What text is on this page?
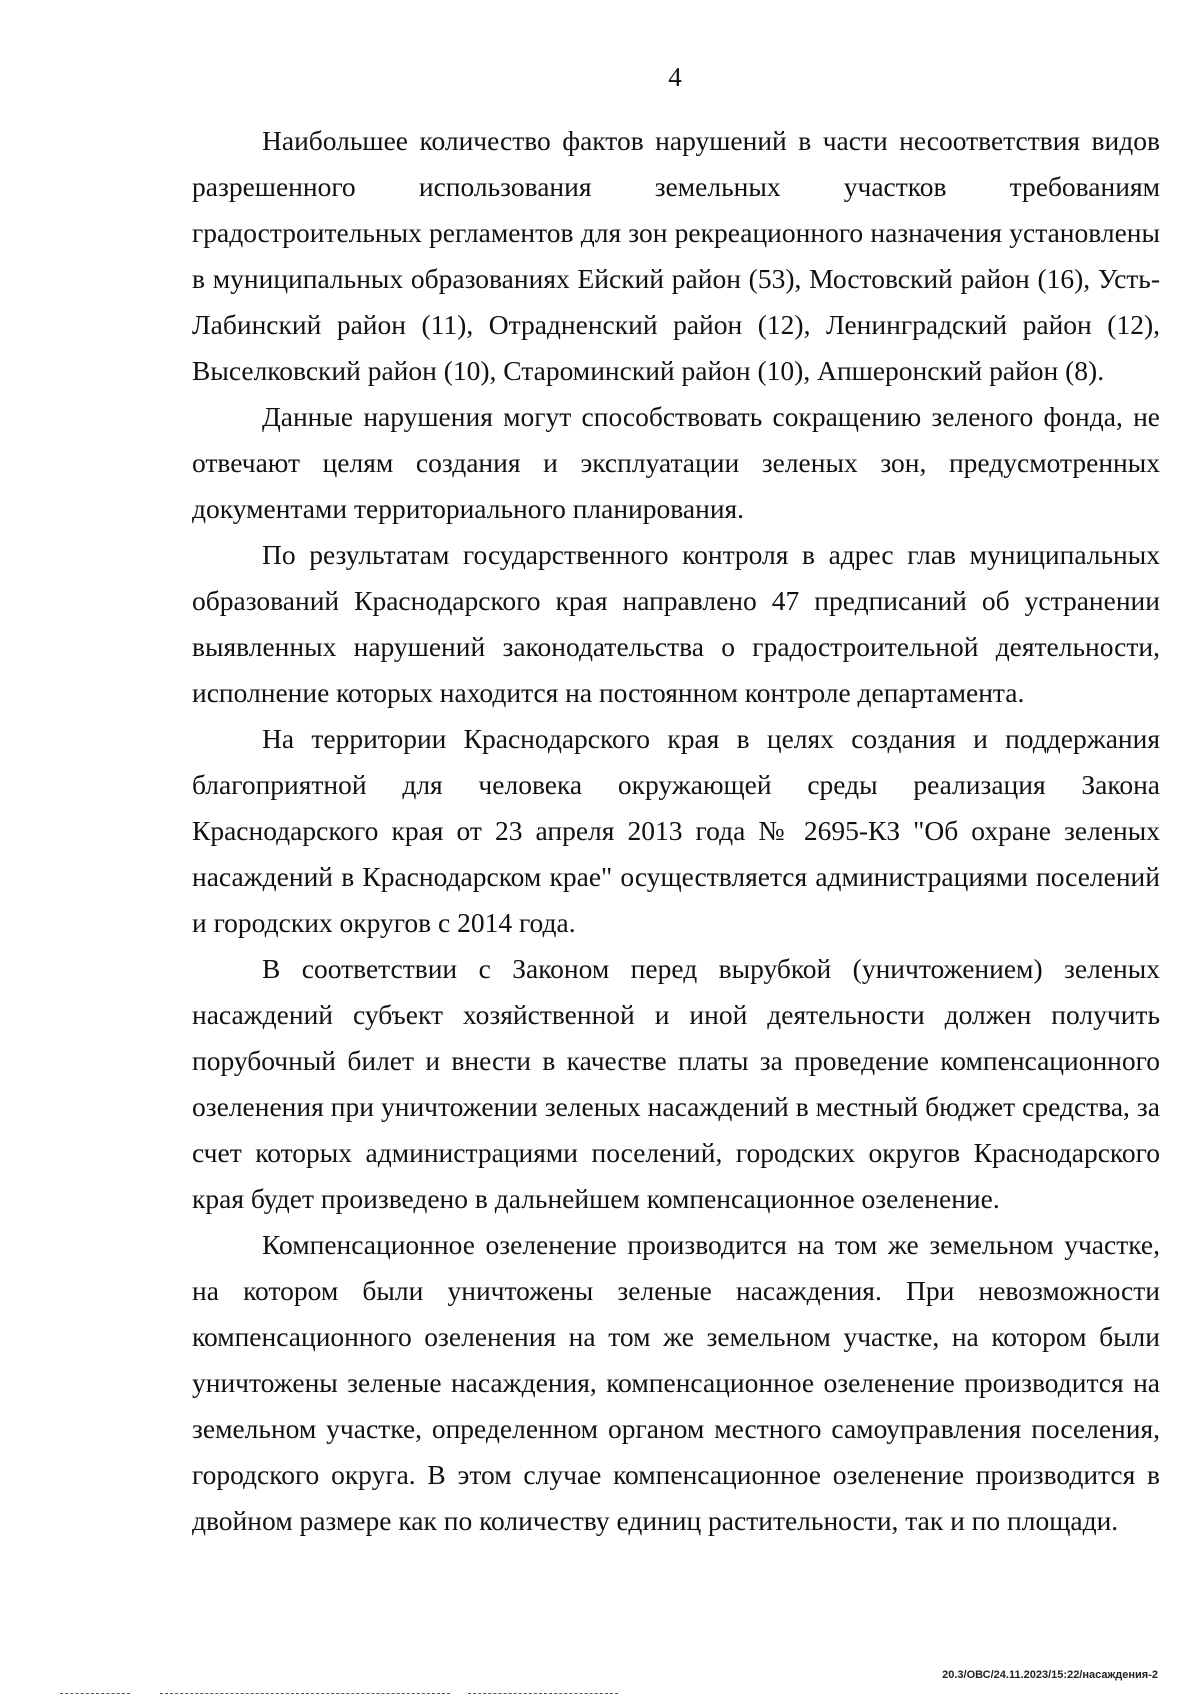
4

Наибольшее количество фактов нарушений в части несоответствия видов разрешенного использования земельных участков требованиям градостроительных регламентов для зон рекреационного назначения установлены в муниципальных образованиях Ейский район (53), Мостовский район (16), Усть-Лабинский район (11), Отрадненский район (12), Ленинградский район (12), Выселковский район (10), Староминский район (10), Апшеронский район (8).

Данные нарушения могут способствовать сокращению зеленого фонда, не отвечают целям создания и эксплуатации зеленых зон, предусмотренных документами территориального планирования.

По результатам государственного контроля в адрес глав муниципальных образований Краснодарского края направлено 47 предписаний об устранении выявленных нарушений законодательства о градостроительной деятельности, исполнение которых находится на постоянном контроле департамента.

На территории Краснодарского края в целях создания и поддержания благоприятной для человека окружающей среды реализация Закона Краснодарского края от 23 апреля 2013 года № 2695-КЗ "Об охране зеленых насаждений в Краснодарском крае" осуществляется администрациями поселений и городских округов с 2014 года.

В соответствии с Законом перед вырубкой (уничтожением) зеленых насаждений субъект хозяйственной и иной деятельности должен получить порубочный билет и внести в качестве платы за проведение компенсационного озеленения при уничтожении зеленых насаждений в местный бюджет средства, за счет которых администрациями поселений, городских округов Краснодарского края будет произведено в дальнейшем компенсационное озеленение.

Компенсационное озеленение производится на том же земельном участке, на котором были уничтожены зеленые насаждения. При невозможности компенсационного озеленения на том же земельном участке, на котором были уничтожены зеленые насаждения, компенсационное озеленение производится на земельном участке, определенном органом местного самоуправления поселения, городского округа. В этом случае компенсационное озеленение производится в двойном размере как по количеству единиц растительности, так и по площади.

20.3/ОВС/24.11.2023/15:22/насаждения-2
